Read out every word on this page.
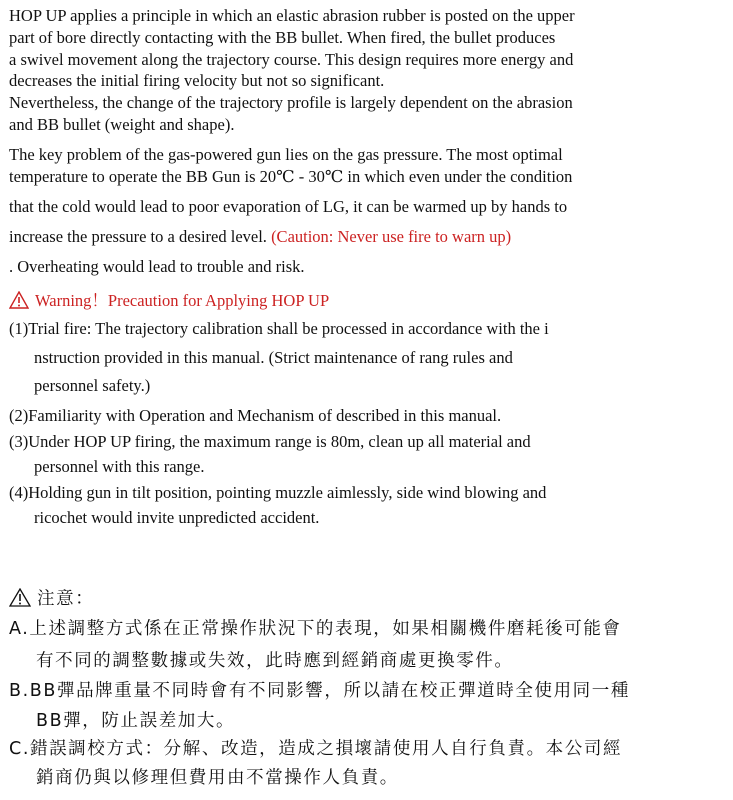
HOP UP applies a principle in which an elastic abrasion rubber is posted on the upper
part of bore directly contacting with the BB bullet. When fired, the bullet produces
a swivel movement along the trajectory course. This design requires more energy and
decreases the initial firing velocity but not so significant.
Nevertheless, the change of the trajectory profile is largely dependent on the abrasion
and BB bullet (weight and shape).
The key problem of the gas-powered gun lies on the gas pressure. The most optimal
temperature to operate the BB Gun is 20℃ - 30℃ in which even under the condition
that the cold would lead to poor evaporation of LG, it can be warmed up by hands to
increase the pressure to a desired level. (Caution: Never use fire to warn up)
. Overheating would lead to trouble and risk.
Warning！Precaution for Applying HOP UP
(1)Trial fire: The trajectory calibration shall be processed in accordance with the i
nstruction provided in this manual. (Strict maintenance of rang rules and
personnel safety.)
(2)Familiarity with Operation and Mechanism of described in this manual.
(3)Under HOP UP firing, the maximum range is 80m, clean up all material and
personnel with this range.
(4)Holding gun in tilt position, pointing muzzle aimlessly, side wind blowing and
ricochet would invite unpredicted accident.
注意：
A.上述調整方式係在正常操作狀況下的表現，如果相關機件磨耗後可能會
有不同的調整數據或失效，此時應到經銷商處更換零件。
B.BB彈品牌重量不同時會有不同影響，所以請在校正彈道時全使用同一種
BB彈，防止誤差加大。
C.錯誤調校方式：分解、改造，造成之損壞請使用人自行負責。本公司經
銷商仍與以修理但費用由不當操作人負責。
